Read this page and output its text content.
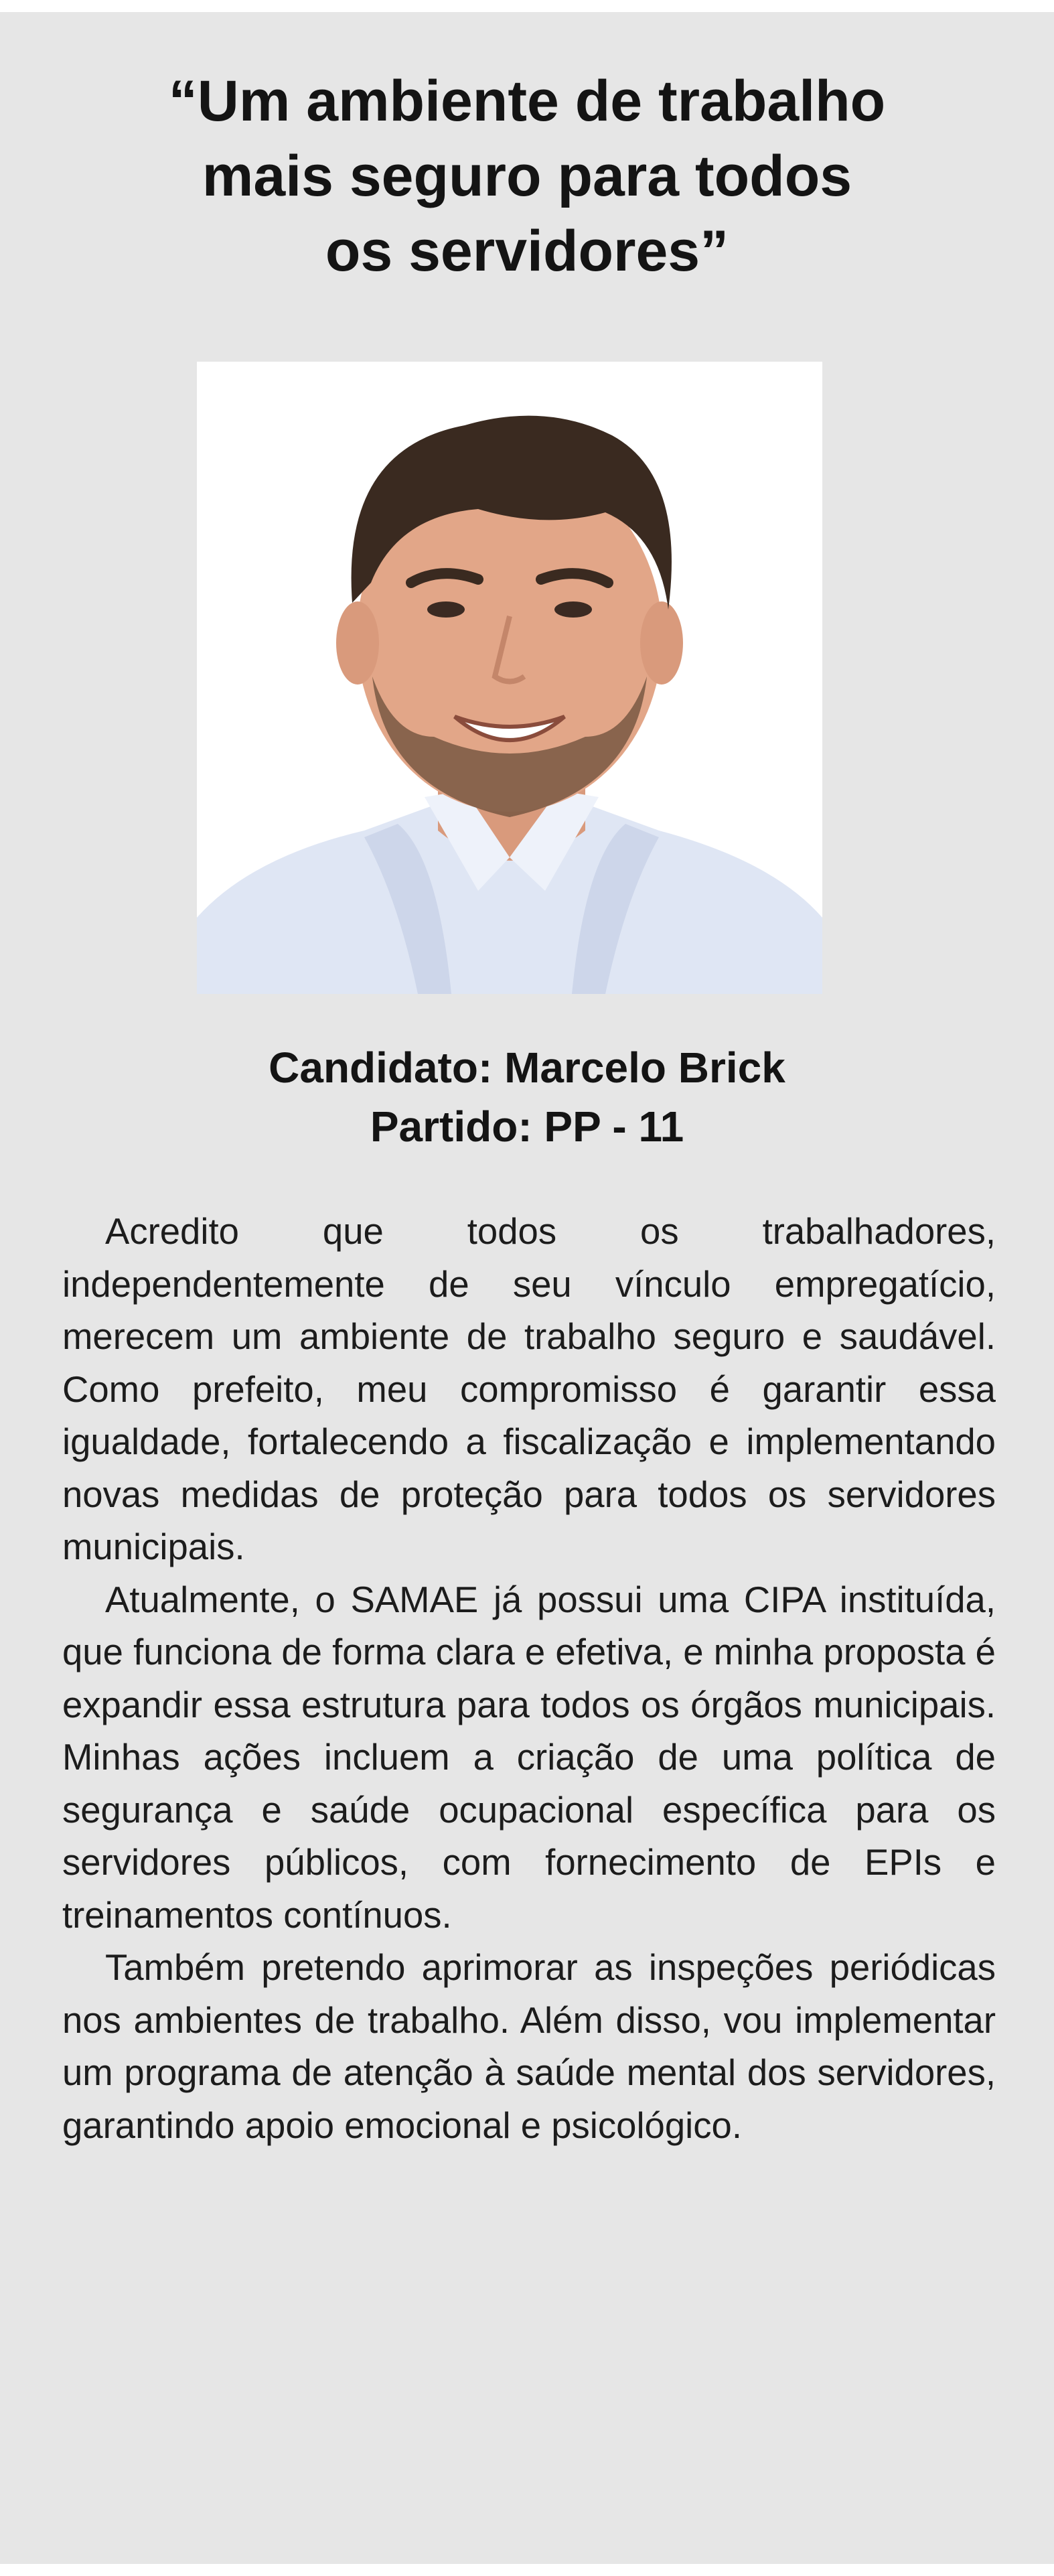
“Um ambiente de trabalho
mais seguro para todos
os servidores”
Candidato: Marcelo Brick
Partido: PP - 11

Acredito que todos os trabalhadores, independentemente de seu vínculo empregatício, merecem um ambiente de trabalho seguro e saudável. Como prefeito, meu compromisso é garantir essa igualdade, fortalecendo a fiscalização e implementando novas medidas de proteção para todos os servidores municipais.

Atualmente, o SAMAE já possui uma CIPA instituída, que funciona de forma clara e efetiva, e minha proposta é expandir essa estrutura para todos os órgãos municipais. Minhas ações incluem a criação de uma política de segurança e saúde ocupacional específica para os servidores públicos, com fornecimento de EPIs e treinamentos contínuos.

Também pretendo aprimorar as inspeções periódicas nos ambientes de trabalho. Além disso, vou implementar um programa de atenção à saúde mental dos servidores, garantindo apoio emocional e psicológico.
